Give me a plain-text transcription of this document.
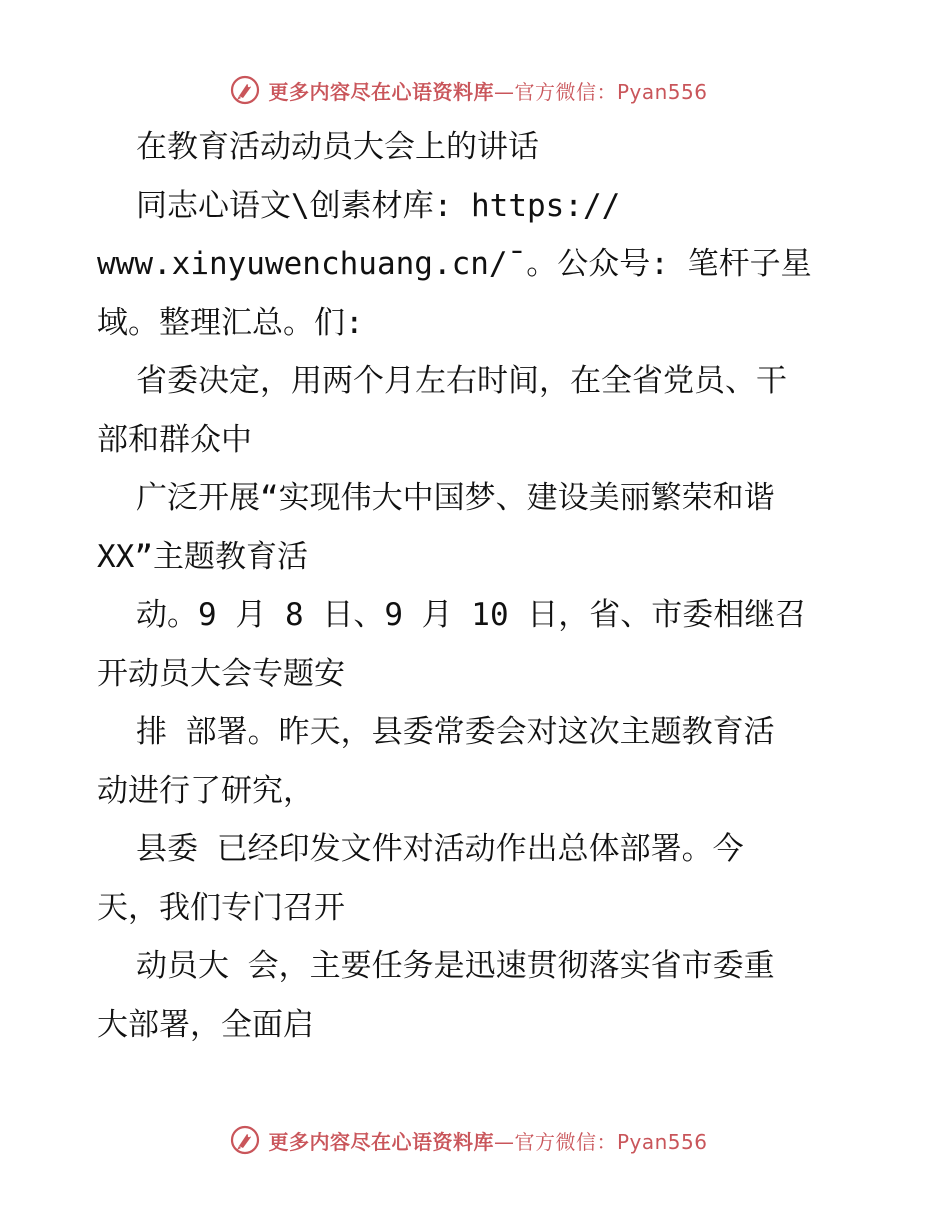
更多内容尽在心语资料库—官方微信：Pyan556
在教育活动动员大会上的讲话
同志心语文\创素材库: https://
www.xinyuwenchuang.cn/¯。公众号: 笔杆子星
域。整理汇总。们:
省委决定，用两个月左右时间，在全省党员、干
部和群众中
广泛开展“实现伟大中国梦、建设美丽繁荣和谐
XX”主题教育活
动。9 月 8 日、9 月 10 日，省、市委相继召
开动员大会专题安
排 部署。昨天，县委常委会对这次主题教育活
动进行了研究，
县委 已经印发文件对活动作出总体部署。今
天，我们专门召开
动员大 会，主要任务是迅速贯彻落实省市委重
大部署，全面启
更多内容尽在心语资料库—官方微信：Pyan556
